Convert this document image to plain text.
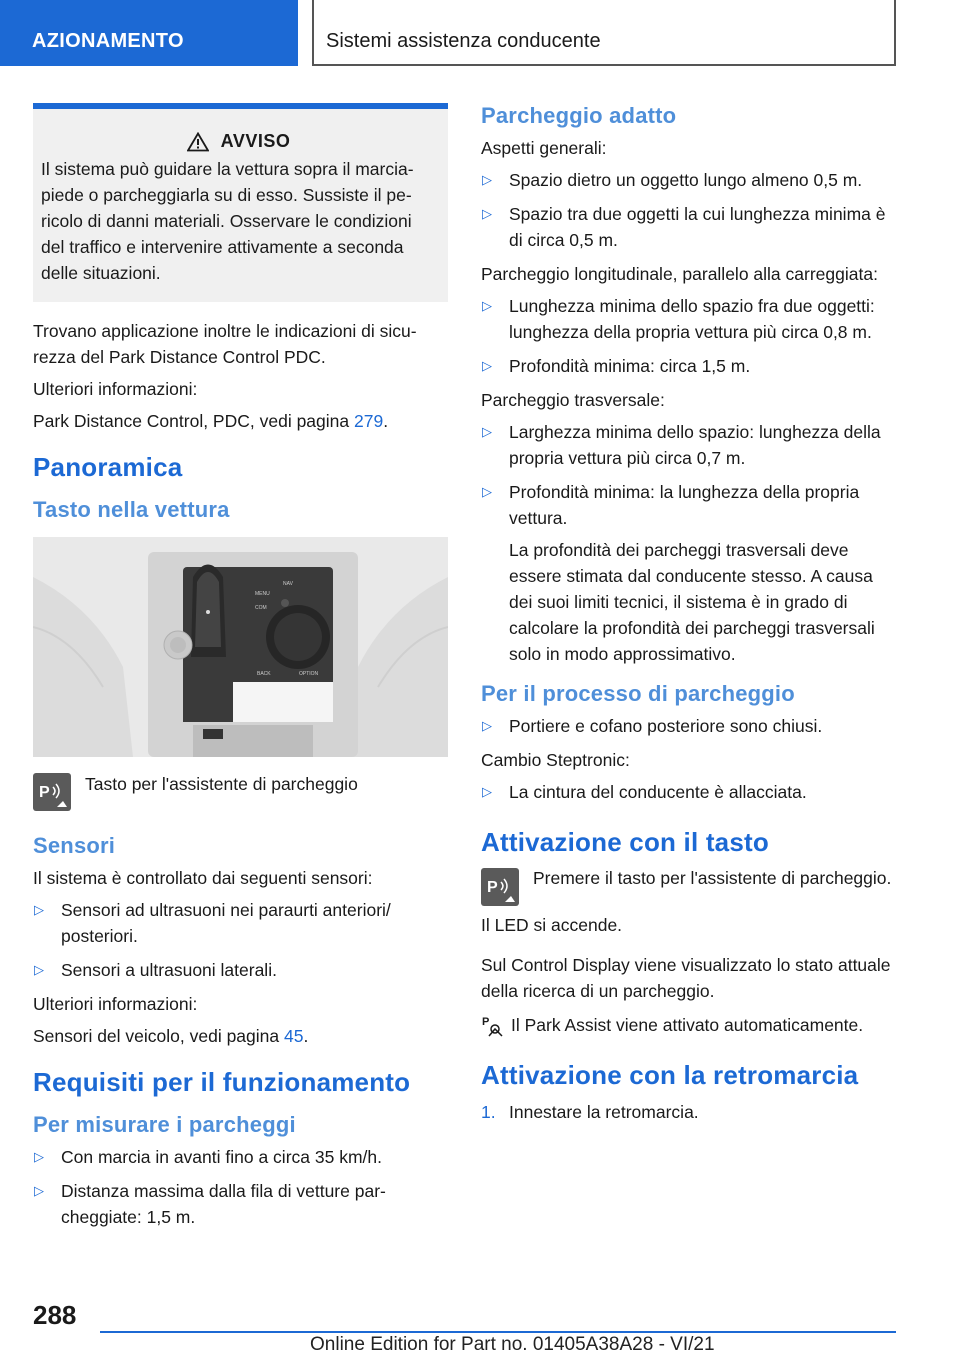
AZIONAMENTO	Sistemi assistenza conducente
AVVISO
Il sistema può guidare la vettura sopra il marciapiede o parcheggiarla su di esso. Sussiste il pericolo di danni materiali. Osservare le condizioni del traffico e intervenire attivamente a seconda delle situazioni.

Trovano applicazione inoltre le indicazioni di sicurezza del Park Distance Control PDC.

Ulteriori informazioni:

Park Distance Control, PDC, vedi pagina 279.

Panoramica
Tasto nella vettura
MENU
NAV
COM
BACK	OPTION
P Tasto per l'assistente di parcheggio

Sensori

Il sistema è controllato dai seguenti sensori:

▷ Sensori ad ultrasuoni nei paraurti anteriori/ posteriori.
▷ Sensori a ultrasuoni laterali.

Ulteriori informazioni:

Sensori del veicolo, vedi pagina 45.

Requisiti per il funzionamento
Per misurare i parcheggi
▷ Con marcia in avanti fino a circa 35 km/h.
▷ Distanza massima dalla fila di vetture parcheggiate: 1,5 m.
Parcheggio adatto

Aspetti generali:

▷ Spazio dietro un oggetto lungo almeno 0,5 m.
▷ Spazio tra due oggetti la cui lunghezza minima è di circa 0,5 m.

Parcheggio longitudinale, parallelo alla carreggiata:

▷ Lunghezza minima dello spazio fra due oggetti: lunghezza della propria vettura più circa 0,8 m.
▷ Profondità minima: circa 1,5 m.

Parcheggio trasversale:

▷ Larghezza minima dello spazio: lunghezza della propria vettura più circa 0,7 m.
▷ Profondità minima: la lunghezza della propria vettura.
La profondità dei parcheggi trasversali deve essere stimata dal conducente stesso. A causa dei suoi limiti tecnici, il sistema è in grado di calcolare la profondità dei parcheggi trasversali solo in modo approssimativo.
Per il processo di parcheggio
▷ Portiere e cofano posteriore sono chiusi.

Cambio Steptronic:

▷ La cintura del conducente è allacciata.
Attivazione con il tasto
P Premere il tasto per l'assistente di parcheggio.

Il LED si accende.

Sul Control Display viene visualizzato lo stato attuale della ricerca di un parcheggio.

P Il Park Assist viene attivato automaticamente.

Attivazione con la retromarcia
1. Innestare la retromarcia.
288
Online Edition for Part no. 01405A38A28 - VI/21
